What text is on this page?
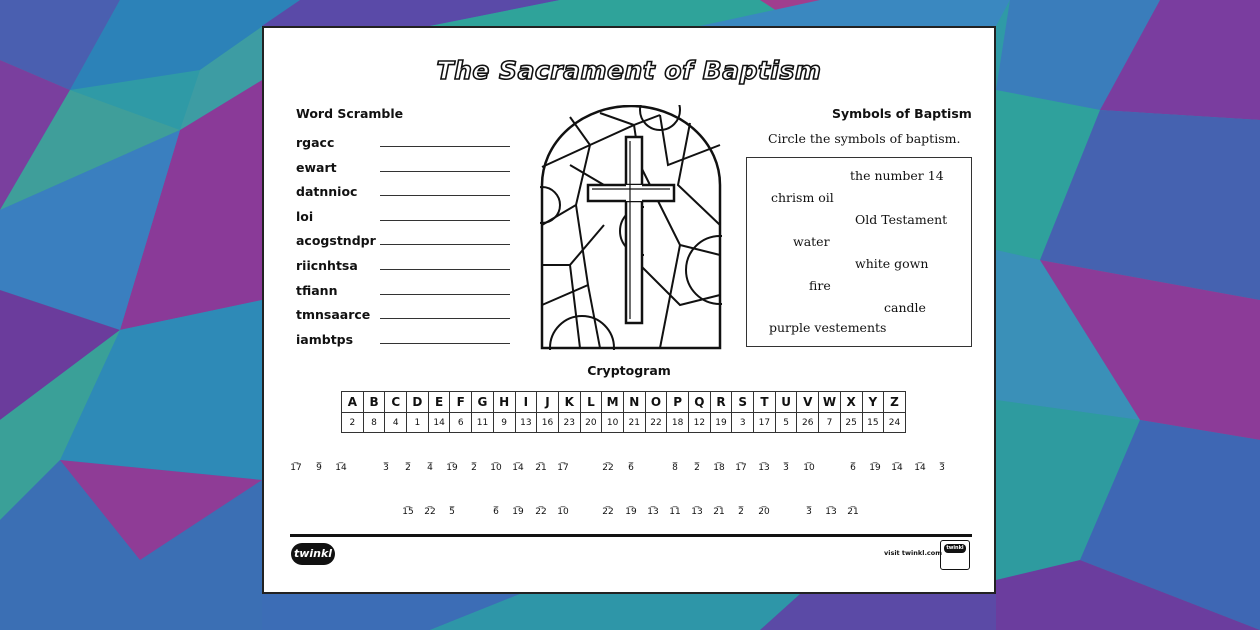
The Sacrament of Baptism
Word Scramble
rgacc
ewart
datnnioc
loi
acogstndpr
riicnhtsa
tfiann
tmnsaarce
iambtps
Symbols of Baptism
Circle the symbols of baptism.
the number 14
chrism oil
Old Testament
water
white gown
fire
candle
purple vestements
Cryptogram
A	B	C	D	E	F	G	H	I	J	K	L	M	N	O	P	Q	R	S	T	U	V	W	X	Y	Z
2	8	4	1	14	6	11	9	13	16	23	20	10	21	22	18	12	19	3	17	5	26	7	25	15	24
_
17
_
9
_
14
_
3
_
2
_
4
_
19
_
2
_
10
_
14
_
21
_
17
_
22
_
6
_
8
_
2
_
18
_
17
_
13
_
3
_
10
_
6
_
19
_
14
_
14
_
3
_
15
_
22
_
5
_
6
_
19
_
22
_
10
_
22
_
19
_
13
_
11
_
13
_
21
_
2
_
20
_
3
_
13
_
21
twinkl	visit twinkl.com
twinkl
